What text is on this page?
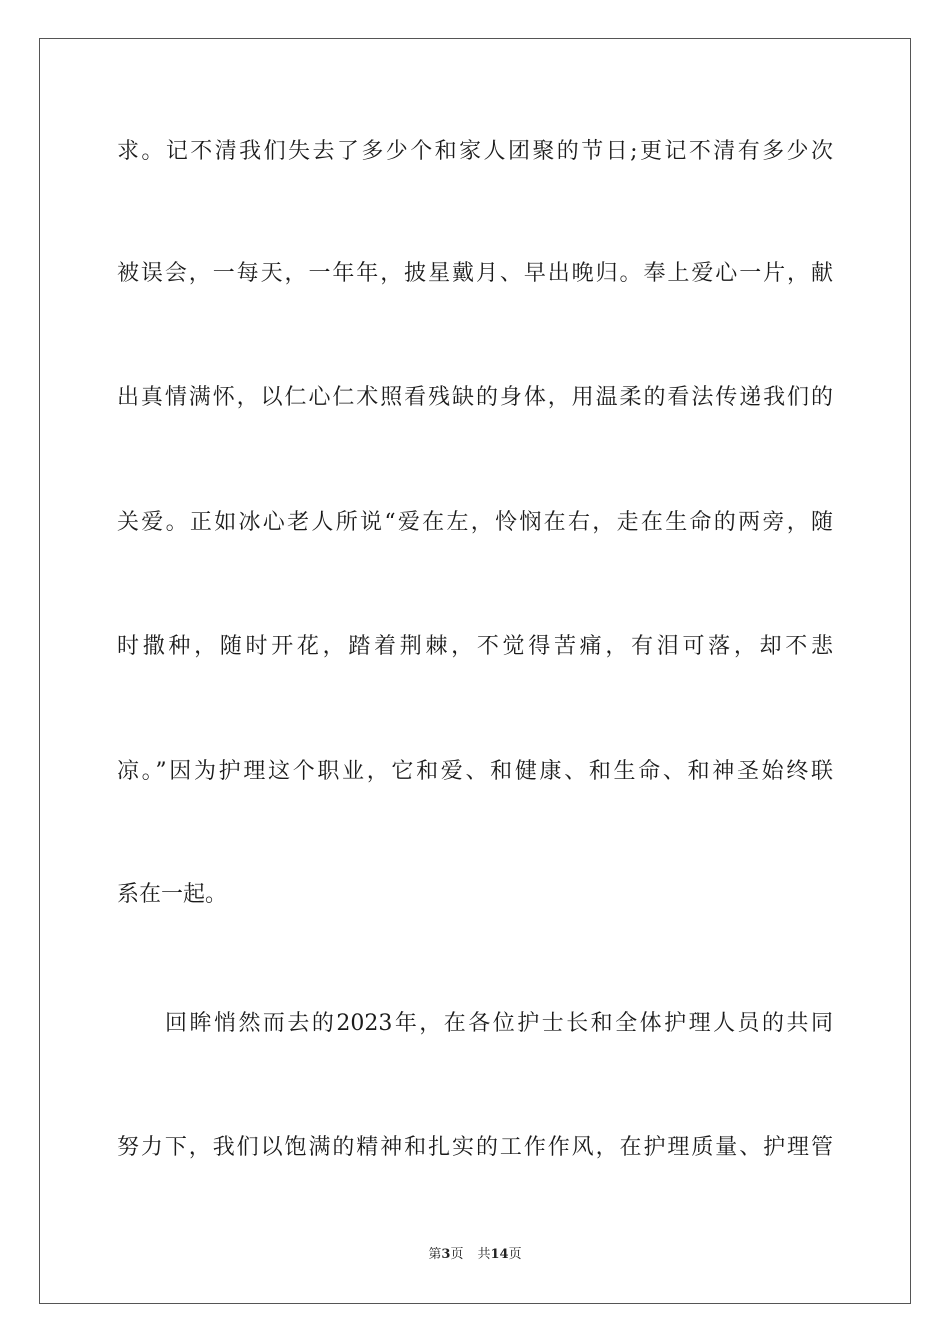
求。记不清我们失去了多少个和家人团聚的节日;更记不清有多少次
被误会，一每天，一年年，披星戴月、早出晚归。奉上爱心一片，献
出真情满怀，以仁心仁术照看残缺的身体，用温柔的看法传递我们的
关爱。正如冰心老人所说“爱在左，怜悯在右，走在生命的两旁，随
时撒种，随时开花，踏着荆棘，不觉得苦痛，有泪可落，却不悲
凉。”因为护理这个职业，它和爱、和健康、和生命、和神圣始终联
系在一起。
回眸悄然而去的2023年，在各位护士长和全体护理人员的共同
努力下，我们以饱满的精神和扎实的工作作风，在护理质量、护理管
第3页 共14页
